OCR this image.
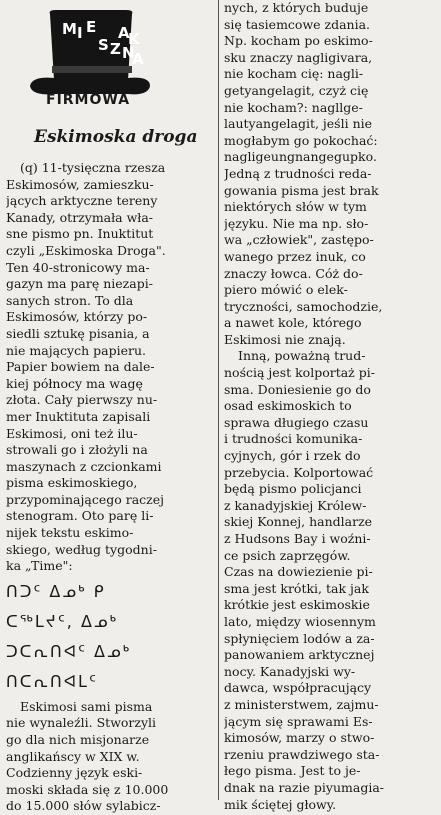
M I E
S Z
A
N
K
A
FIRMOWA
Eskimoska droga
(q) 11-tysięczna rzesza
Eskimosów, zamieszku-
jących arktyczne tereny
Kanady, otrzymała wła-
sne pismo pn. Inuktitut
czyli „Eskimoska Droga".
Ten 40-stronicowy ma-
gazyn ma parę niezapi-
sanych stron. To dla
Eskimosów, którzy po-
siedli sztukę pisania, a
nie mających papieru.
Papier bowiem na dale-
kiej północy ma wagę
złota. Cały pierwszy nu-
mer Inuktituta zapisali
Eskimosi, oni też ilu-
strowali go i złożyli na
maszynach z czcionkami
pisma eskimoskiego,
przypominającego raczej
stenogram. Oto parę li-
nijek tekstu eskimo-
skiego, według tygodni-
ka „Time":
ᑎᑐᑦ ᐃᓄᒃ ᑭ
ᑕᖅᒪᔪᑦ, ᐃᓄᒃ
ᑐᑕᕆᑎᐊᑦ ᐃᓄᒃ
ᑎᑕᕆᑎᐊᒪᑦ
Eskimosi sami pisma
nie wynaleźli. Stworzyli
go dla nich misjonarze
anglikańscy w XIX w.
Codzienny język eski-
moski składa się z 10.000
do 15.000 słów sylabicz-
nych, z których buduje
się tasiemcowe zdania.
Np. kocham po eskimo-
sku znaczy nagligivara,
nie kocham cię: nagli-
getyangelagit, czyż cię
nie kocham?: nagllge-
lautyangelagit, jeśli nie
mogłabym go pokochać:
nagligeungnangegupko.
Jedną z trudności reda-
gowania pisma jest brak
niektórych słów w tym
języku. Nie ma np. sło-
wa „człowiek", zastępo-
wanego przez inuk, co
znaczy łowca. Cóż do-
piero mówić o elek-
tryczności, samochodzie,
a nawet kole, którego
Eskimosi nie znają.
Inną, poważną trud-
nością jest kolportaż pi-
sma. Doniesienie go do
osad eskimoskich to
sprawa długiego czasu
i trudności komunika-
cyjnych, gór i rzek do
przebycia. Kolportować
będą pismo policjanci
z kanadyjskiej Królew-
skiej Konnej, handlarze
z Hudsons Bay i woźni-
ce psich zaprzęgów.
Czas na dowiezienie pi-
sma jest krótki, tak jak
krótkie jest eskimoskie
lato, między wiosennym
spłynięciem lodów a za-
panowaniem arktycznej
nocy. Kanadyjski wy-
dawca, współpracujący
z ministerstwem, zajmu-
jącym się sprawami Es-
kimosów, marzy o stwo-
rzeniu prawdziwego sta-
łego pisma. Jest to je-
dnak na razie piyumagia-
mik ściętej głowy.
